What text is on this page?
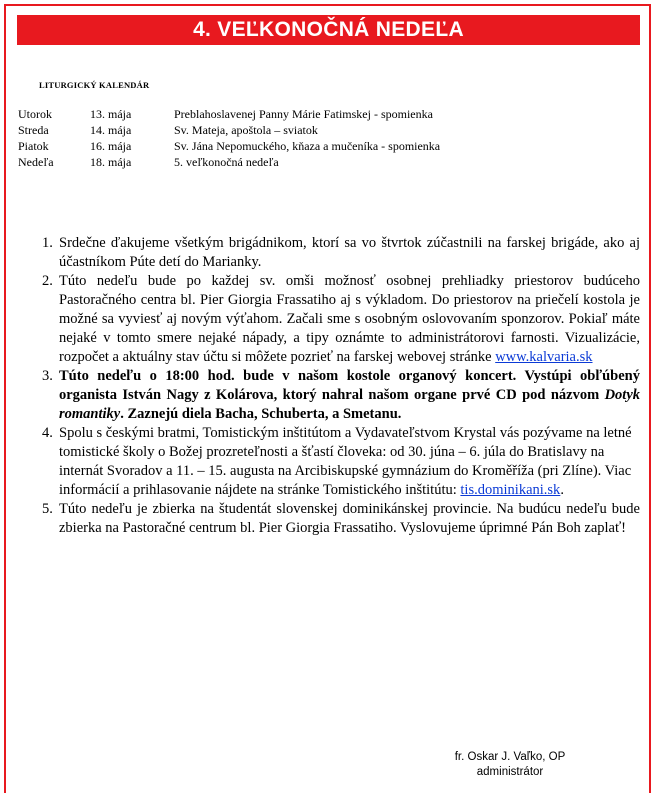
4. VEĽKONOČNÁ NEDEĽA
LITURGICKÝ KALENDÁR
Utorok	13. mája	Preblahoslavenej Panny Márie Fatimskej - spomienka
Streda	14. mája	Sv. Mateja, apoštola – sviatok
Piatok	16. mája	Sv. Jána Nepomuckého, kňaza a mučeníka - spomienka
Nedeľa	18. mája	5. veľkonočná nedeľa
1. Srdečne ďakujeme všetkým brigádnikom, ktorí sa vo štvrtok zúčastnili na farskej brigáde, ako aj účastníkom Púte detí do Marianky.
2. Túto nedeľu bude po každej sv. omši možnosť osobnej prehliadky priestorov budúceho Pastoračného centra bl. Pier Giorgia Frassatiho aj s výkladom. Do priestorov na priečelí kostola je možné sa vyviesť aj novým výťahom. Začali sme s osobným oslovovaním sponzorov. Pokiaľ máte nejaké v tomto smere nejaké nápady, a tipy oznámte to administrátorovi farnosti. Vizualizácie, rozpočet a aktuálny stav účtu si môžete pozrieť na farskej webovej stránke www.kalvaria.sk
3. Túto nedeľu o 18:00 hod. bude v našom kostole organový koncert. Vystúpi obľúbený organista István Nagy z Kolárova, ktorý nahral našom organe prvé CD pod názvom Dotyk romantiky. Zaznejú diela Bacha, Schuberta, a Smetanu.
4. Spolu s českými bratmi, Tomistickým inštitútom a Vydavateľstvom Krystal vás pozývame na letné tomistické školy o Božej prozreteľnosti a šťastí človeka: od 30. júna – 6. júla do Bratislavy na internát Svoradov a 11. – 15. augusta na Arcibiskupské gymnázium do Kroměříža (pri Zlíne). Viac informácií a prihlasovanie nájdete na stránke Tomistického inštitútu: tis.dominikani.sk.
5. Túto nedeľu je zbierka na študentát slovenskej dominikánskej provincie. Na budúcu nedeľu bude zbierka na Pastoračné centrum bl. Pier Giorgia Frassatiho. Vyslovujeme úprimné Pán Boh zaplať!
fr. Oskar J. Vaľko, OP
administrátor
